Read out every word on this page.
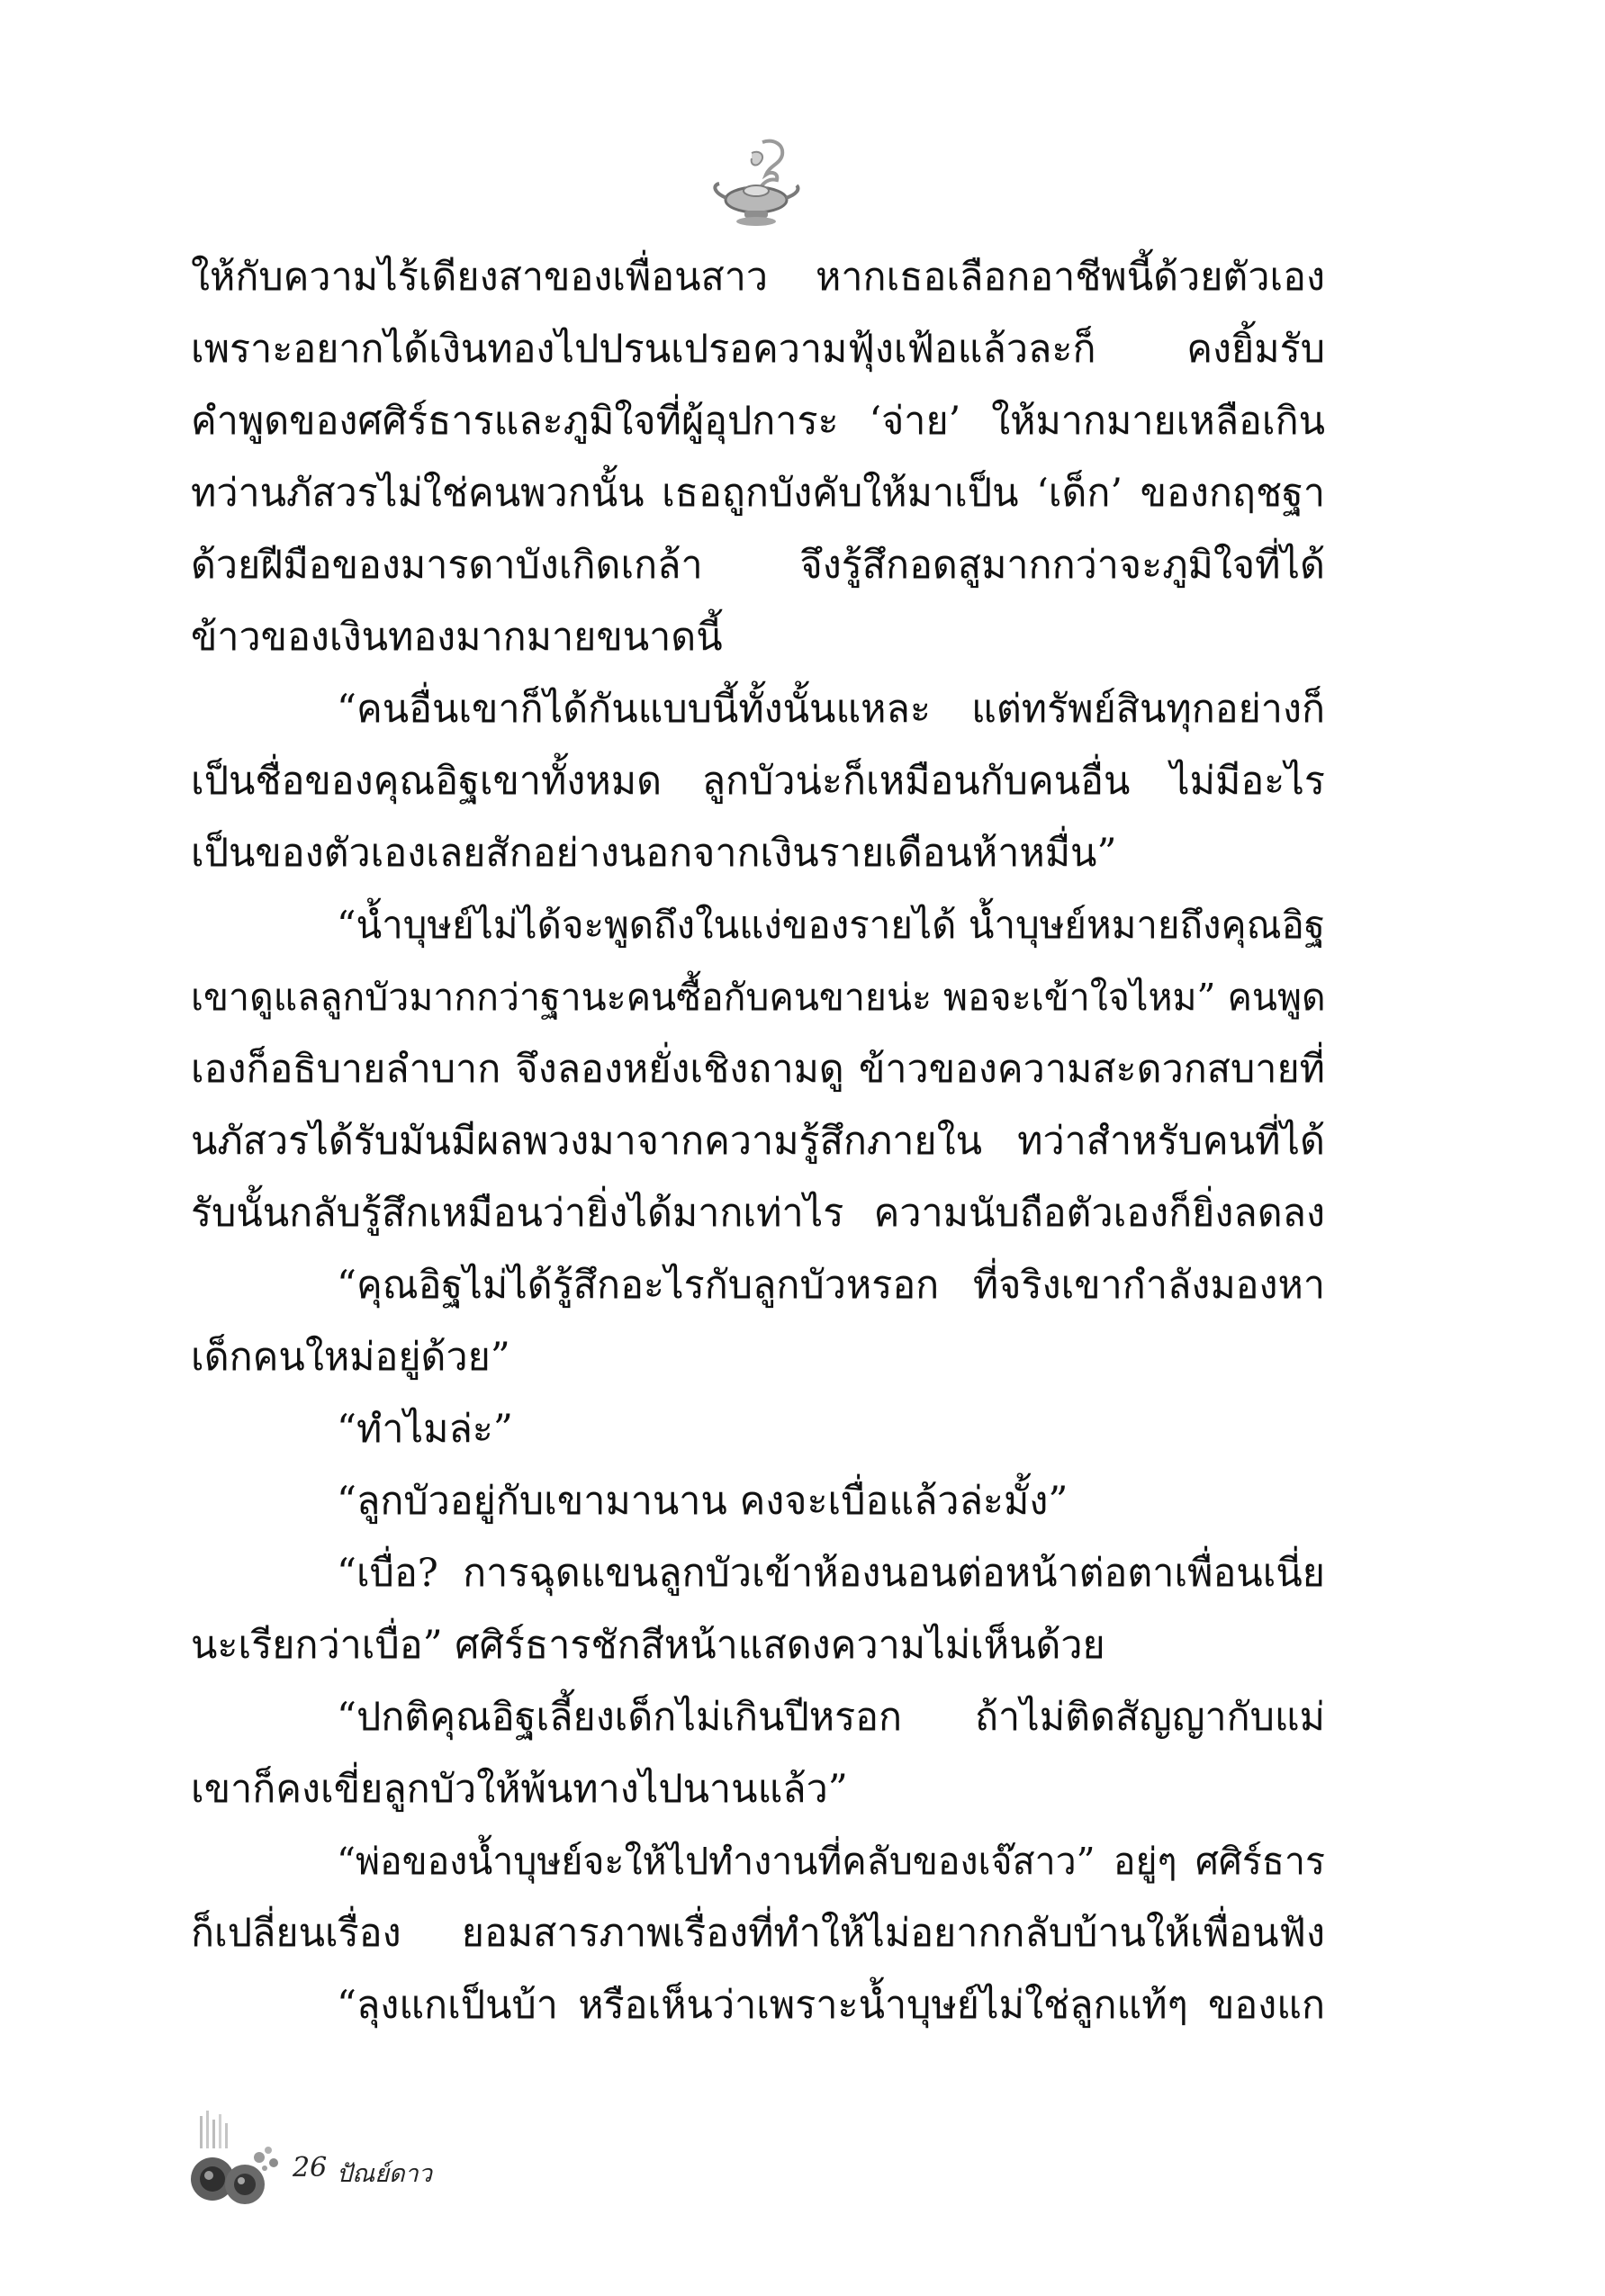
ให้กับความไร้เดียงสาของเพื่อนสาว หากเธอเลือกอาชีพนี้ด้วยตัวเอง
เพราะอยากได้เงินทองไปปรนเปรอความฟุ้งเฟ้อแล้วละก็ คงยิ้มรับ
คำพูดของศศิร์ธารและภูมิใจที่ผู้อุปการะ ‘จ่าย’ ให้มากมายเหลือเกิน
ทว่านภัสวรไม่ใช่คนพวกนั้น เธอถูกบังคับให้มาเป็น ‘เด็ก’ ของกฤชฐา
ด้วยฝีมือของมารดาบังเกิดเกล้า จึงรู้สึกอดสูมากกว่าจะภูมิใจที่ได้
ข้าวของเงินทองมากมายขนาดนี้
“คนอื่นเขาก็ได้กันแบบนี้ทั้งนั้นแหละ แต่ทรัพย์สินทุกอย่างก็
เป็นชื่อของคุณอิฐเขาทั้งหมด ลูกบัวน่ะก็เหมือนกับคนอื่น ไม่มีอะไร
เป็นของตัวเองเลยสักอย่างนอกจากเงินรายเดือนห้าหมื่น”
“น้ำบุษย์ไม่ได้จะพูดถึงในแง่ของรายได้ น้ำบุษย์หมายถึงคุณอิฐ
เขาดูแลลูกบัวมากกว่าฐานะคนซื้อกับคนขายน่ะ พอจะเข้าใจไหม” คนพูด
เองก็อธิบายลำบาก จึงลองหยั่งเชิงถามดู ข้าวของความสะดวกสบายที่
นภัสวรได้รับมันมีผลพวงมาจากความรู้สึกภายใน ทว่าสำหรับคนที่ได้
รับนั้นกลับรู้สึกเหมือนว่ายิ่งได้มากเท่าไร ความนับถือตัวเองก็ยิ่งลดลง
“คุณอิฐไม่ได้รู้สึกอะไรกับลูกบัวหรอก ที่จริงเขากำลังมองหา
เด็กคนใหม่อยู่ด้วย”
“ทำไมล่ะ”
“ลูกบัวอยู่กับเขามานาน คงจะเบื่อแล้วล่ะมั้ง”
“เบื่อ? การฉุดแขนลูกบัวเข้าห้องนอนต่อหน้าต่อตาเพื่อนเนี่ย
นะเรียกว่าเบื่อ” ศศิร์ธารชักสีหน้าแสดงความไม่เห็นด้วย
“ปกติคุณอิฐเลี้ยงเด็กไม่เกินปีหรอก ถ้าไม่ติดสัญญากับแม่
เขาก็คงเขี่ยลูกบัวให้พ้นทางไปนานแล้ว”
“พ่อของน้ำบุษย์จะให้ไปทำงานที่คลับของเจ๊สาว” อยู่ๆ ศศิร์ธาร
ก็เปลี่ยนเรื่อง ยอมสารภาพเรื่องที่ทำให้ไม่อยากกลับบ้านให้เพื่อนฟัง
“ลุงแกเป็นบ้า หรือเห็นว่าเพราะน้ำบุษย์ไม่ใช่ลูกแท้ๆ ของแก
26 ปัณย์ดาว
